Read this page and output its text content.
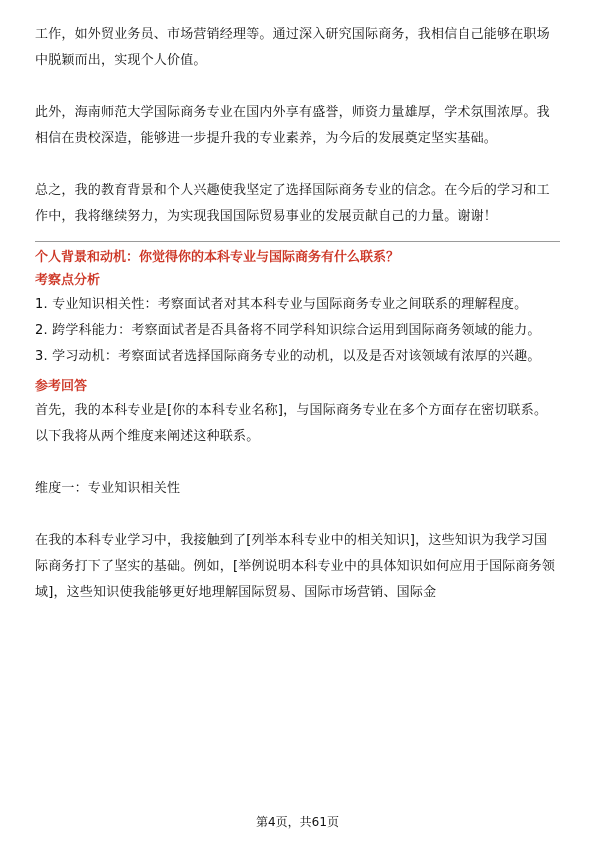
工作，如外贸业务员、市场营销经理等。通过深入研究国际商务，我相信自己能够在职场中脱颖而出，实现个人价值。

此外，海南师范大学国际商务专业在国内外享有盛誉，师资力量雄厚，学术氛围浓厚。我相信在贵校深造，能够进一步提升我的专业素养，为今后的发展奠定坚实基础。

总之，我的教育背景和个人兴趣使我坚定了选择国际商务专业的信念。在今后的学习和工作中，我将继续努力，为实现我国国际贸易事业的发展贡献自己的力量。谢谢！

个人背景和动机：你觉得你的本科专业与国际商务有什么联系？
考察点分析

1. 专业知识相关性：考察面试者对其本科专业与国际商务专业之间联系的理解程度。

2. 跨学科能力：考察面试者是否具备将不同学科知识综合运用到国际商务领域的能力。

3. 学习动机：考察面试者选择国际商务专业的动机，以及是否对该领域有浓厚的兴趣。

参考回答

首先，我的本科专业是[你的本科专业名称]，与国际商务专业在多个方面存在密切联系。以下我将从两个维度来阐述这种联系。

维度一：专业知识相关性

在我的本科专业学习中，我接触到了[列举本科专业中的相关知识]，这些知识为我学习国际商务打下了坚实的基础。例如，[举例说明本科专业中的具体知识如何应用于国际商务领域]，这些知识使我能够更好地理解国际贸易、国际市场营销、国际金

第4页，共61页
